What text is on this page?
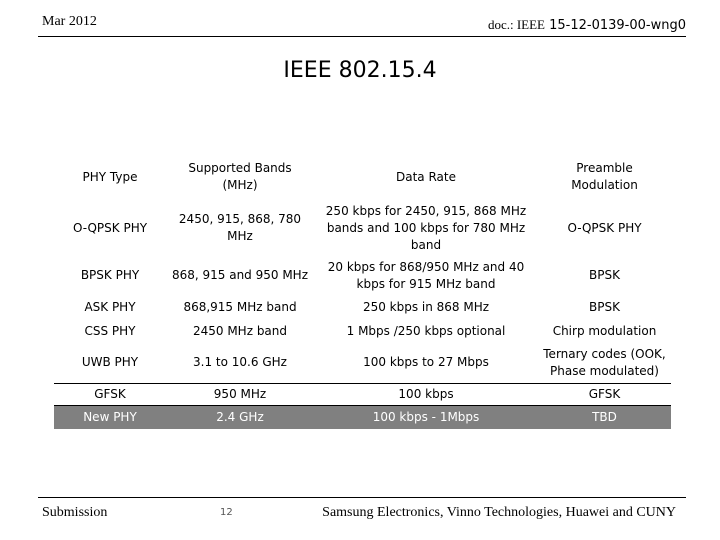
Mar 2012	doc.: IEEE 15-12-0139-00-wng0
IEEE 802.15.4
PHY Type	Supported Bands (MHz)	Data Rate	Preamble Modulation
O-QPSK PHY	2450, 915, 868, 780 MHz	250 kbps for 2450, 915, 868 MHz bands and 100 kbps for 780 MHz band	O-QPSK PHY
BPSK PHY	868, 915 and 950 MHz	20 kbps for 868/950 MHz and 40 kbps for 915 MHz band	BPSK
ASK PHY	868,915 MHz band	250 kbps in 868 MHz	BPSK
CSS PHY	2450 MHz band	1 Mbps /250 kbps optional	Chirp modulation
UWB PHY	3.1 to 10.6 GHz	100 kbps to 27 Mbps	Ternary codes (OOK, Phase modulated)
GFSK	950 MHz	100 kbps	GFSK
New PHY	2.4 GHz	100 kbps - 1Mbps	TBD
Submission	12	Samsung Electronics, Vinno Technologies, Huawei and CUNY
